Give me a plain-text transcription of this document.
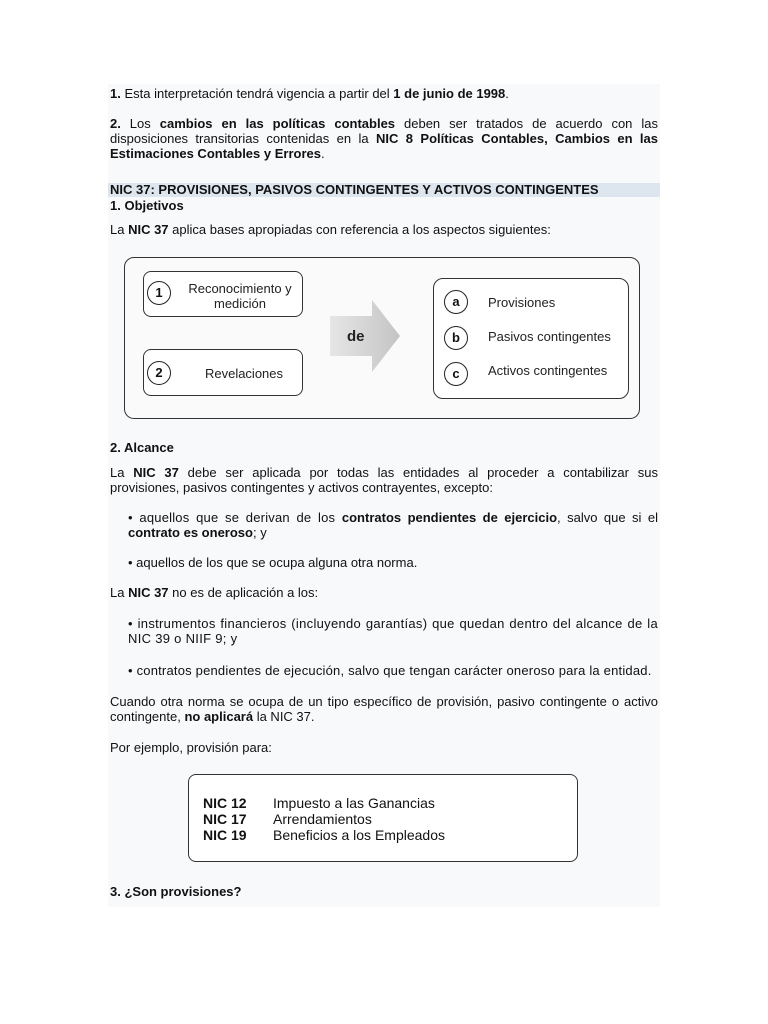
1. Esta interpretación tendrá vigencia a partir del 1 de junio de 1998.

2. Los cambios en las políticas contables deben ser tratados de acuerdo con las disposiciones transitorias contenidas en la NIC 8 Políticas Contables, Cambios en las Estimaciones Contables y Errores.

NIC 37: PROVISIONES, PASIVOS CONTINGENTES Y ACTIVOS CONTINGENTES

1. Objetivos

La NIC 37 aplica bases apropiadas con referencia a los aspectos siguientes:

1	Reconocimiento y
medición
2	Revelaciones
de
a	Provisiones
b	Pasivos contingentes
c	Activos contingentes

2. Alcance

La NIC 37 debe ser aplicada por todas las entidades al proceder a contabilizar sus provisiones, pasivos contingentes y activos contrayentes, excepto:

• aquellos que se derivan de los contratos pendientes de ejercicio, salvo que si el contrato es oneroso; y

• aquellos de los que se ocupa alguna otra norma.

La NIC 37 no es de aplicación a los:

• instrumentos financieros (incluyendo garantías) que quedan dentro del alcance de la NIC 39 o NIIF 9; y

• contratos pendientes de ejecución, salvo que tengan carácter oneroso para la entidad.

Cuando otra norma se ocupa de un tipo específico de provisión, pasivo contingente o activo contingente, no aplicará la NIC 37.

Por ejemplo, provisión para:

NIC 12 Impuesto a las Ganancias
NIC 17 Arrendamientos
NIC 19 Beneficios a los Empleados

3. ¿Son provisiones?
